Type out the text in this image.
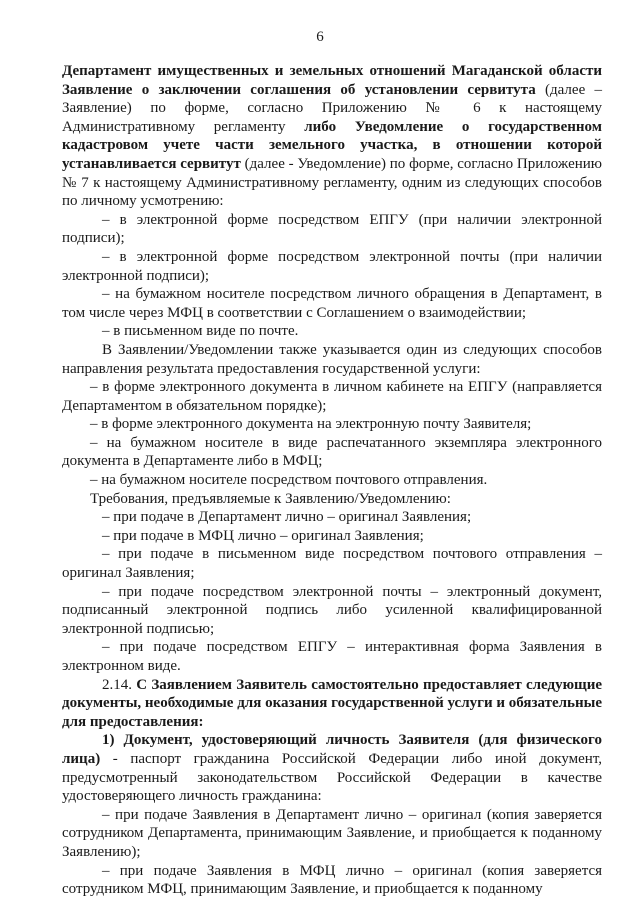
6

Департамент имущественных и земельных отношений Магаданской области Заявление о заключении соглашения об установлении сервитута (далее – Заявление) по форме, согласно Приложению № 6 к настоящему Административному регламенту либо Уведомление о государственном кадастровом учете части земельного участка, в отношении которой устанавливается сервитут (далее - Уведомление) по форме, согласно Приложению № 7 к настоящему Административному регламенту, одним из следующих способов по личному усмотрению:

– в электронной форме посредством ЕПГУ (при наличии электронной подписи);

– в электронной форме посредством электронной почты (при наличии электронной подписи);

– на бумажном носителе посредством личного обращения в Департамент, в том числе через МФЦ в соответствии с Соглашением о взаимодействии;

– в письменном виде по почте.

В Заявлении/Уведомлении также указывается один из следующих способов направления результата предоставления государственной услуги:

– в форме электронного документа в личном кабинете на ЕПГУ (направляется Департаментом в обязательном порядке);

– в форме электронного документа на электронную почту Заявителя;

– на бумажном носителе в виде распечатанного экземпляра электронного документа в Департаменте либо в МФЦ;

– на бумажном носителе посредством почтового отправления.

Требования, предъявляемые к Заявлению/Уведомлению:

– при подаче в Департамент лично – оригинал Заявления;

– при подаче в МФЦ лично – оригинал Заявления;

– при подаче в письменном виде посредством почтового отправления – оригинал Заявления;

– при подаче посредством электронной почты – электронный документ, подписанный электронной подпись либо усиленной квалифицированной электронной подписью;

– при подаче посредством ЕПГУ – интерактивная форма Заявления в электронном виде.

2.14. С Заявлением Заявитель самостоятельно предоставляет следующие документы, необходимые для оказания государственной услуги и обязательные для предоставления:

1) Документ, удостоверяющий личность Заявителя (для физического лица) - паспорт гражданина Российской Федерации либо иной документ, предусмотренный законодательством Российской Федерации в качестве удостоверяющего личность гражданина:

– при подаче Заявления в Департамент лично – оригинал (копия заверяется сотрудником Департамента, принимающим Заявление, и приобщается к поданному Заявлению);

– при подаче Заявления в МФЦ лично – оригинал (копия заверяется сотрудником МФЦ, принимающим Заявление, и приобщается к поданному
